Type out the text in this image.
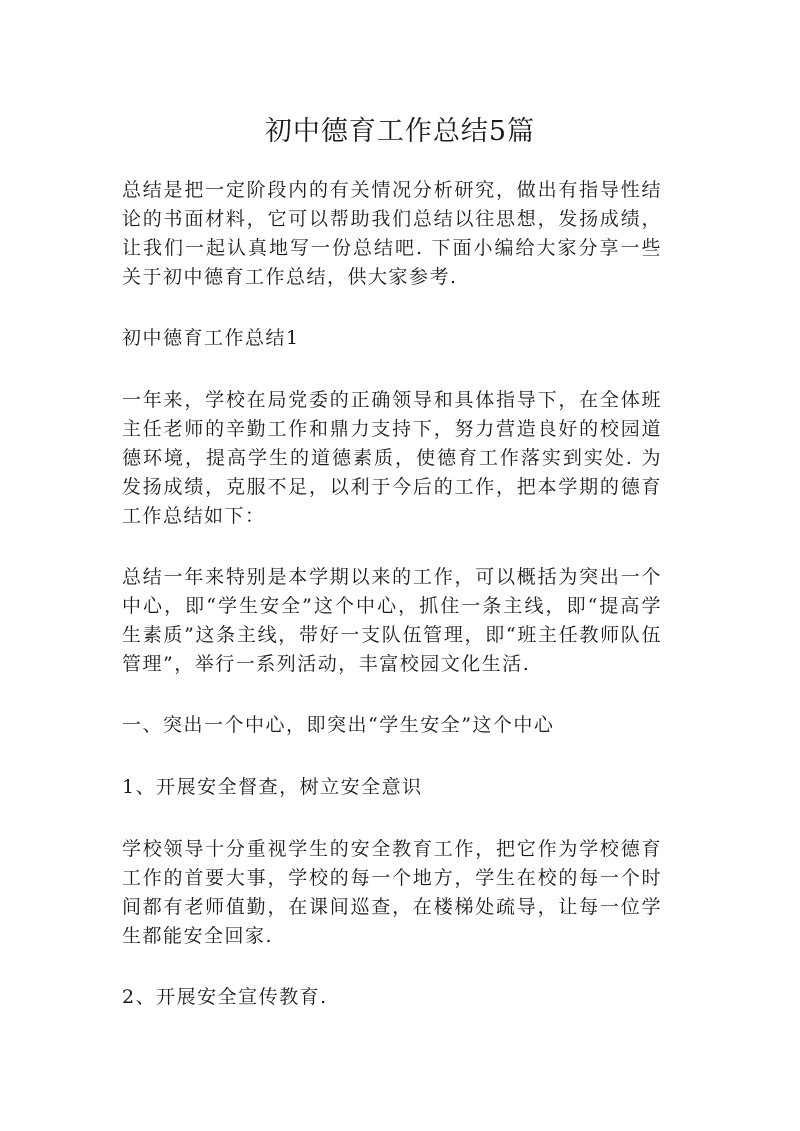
初中德育工作总结5篇

总结是把一定阶段内的有关情况分析研究，做出有指导性结论的书面材料，它可以帮助我们总结以往思想，发扬成绩，让我们一起认真地写一份总结吧. 下面小编给大家分享一些关于初中德育工作总结，供大家参考.

初中德育工作总结1

一年来，学校在局党委的正确领导和具体指导下，在全体班主任老师的辛勤工作和鼎力支持下，努力营造良好的校园道德环境，提高学生的道德素质，使德育工作落实到实处. 为发扬成绩，克服不足，以利于今后的工作，把本学期的德育工作总结如下：

总结一年来特别是本学期以来的工作，可以概括为突出一个中心，即“学生安全”这个中心，抓住一条主线，即“提高学生素质”这条主线，带好一支队伍管理，即“班主任教师队伍管理”，举行一系列活动，丰富校园文化生活.

一、突出一个中心，即突出“学生安全”这个中心

1、开展安全督查，树立安全意识

学校领导十分重视学生的安全教育工作，把它作为学校德育工作的首要大事，学校的每一个地方，学生在校的每一个时间都有老师值勤，在课间巡查，在楼梯处疏导，让每一位学生都能安全回家.

2、开展安全宣传教育.
